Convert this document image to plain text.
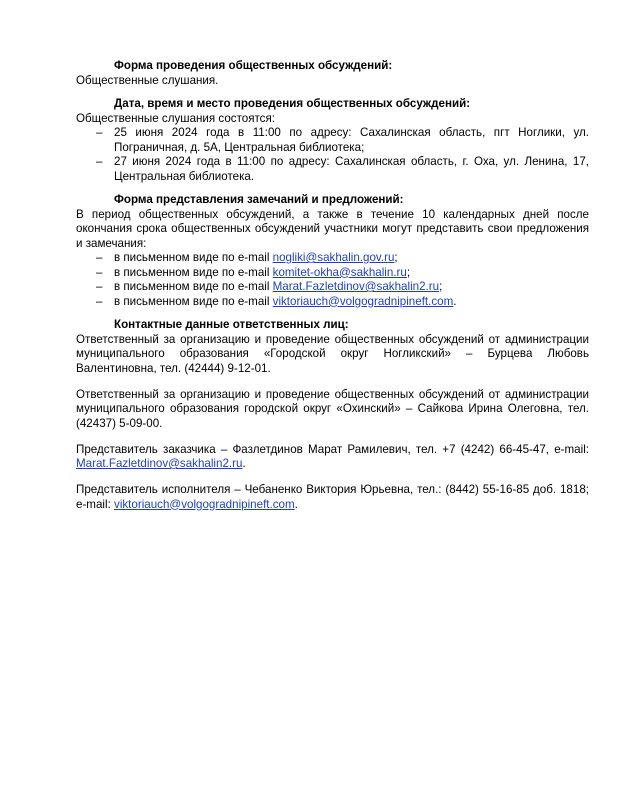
Форма проведения общественных обсуждений:
Общественные слушания.
Дата, время и место проведения общественных обсуждений:
Общественные слушания состоятся:
– 25 июня 2024 года в 11:00 по адресу: Сахалинская область, пгт Ноглики, ул. Пограничная, д. 5А, Центральная библиотека;
– 27 июня 2024 года в 11:00 по адресу: Сахалинская область, г. Оха, ул. Ленина, 17, Центральная библиотека.
Форма представления замечаний и предложений:
В период общественных обсуждений, а также в течение 10 календарных дней после окончания срока общественных обсуждений участники могут представить свои предложения и замечания:
– в письменном виде по e-mail nogliki@sakhalin.gov.ru;
– в письменном виде по e-mail komitet-okha@sakhalin.ru;
– в письменном виде по e-mail Marat.Fazletdinov@sakhalin2.ru;
– в письменном виде по e-mail viktoriauch@volgogradnipineft.com.
Контактные данные ответственных лиц:
Ответственный за организацию и проведение общественных обсуждений от администрации муниципального образования «Городской округ Ногликский» – Бурцева Любовь Валентиновна, тел. (42444) 9-12-01.
Ответственный за организацию и проведение общественных обсуждений от администрации муниципального образования городской округ «Охинский» – Сайкова Ирина Олеговна, тел. (42437) 5-09-00.
Представитель заказчика – Фазлетдинов Марат Рамилевич, тел. +7 (4242) 66-45-47, e-mail: Marat.Fazletdinov@sakhalin2.ru.
Представитель исполнителя – Чебаненко Виктория Юрьевна, тел.: (8442) 55-16-85 доб. 1818; e-mail: viktoriauch@volgogradnipineft.com.
